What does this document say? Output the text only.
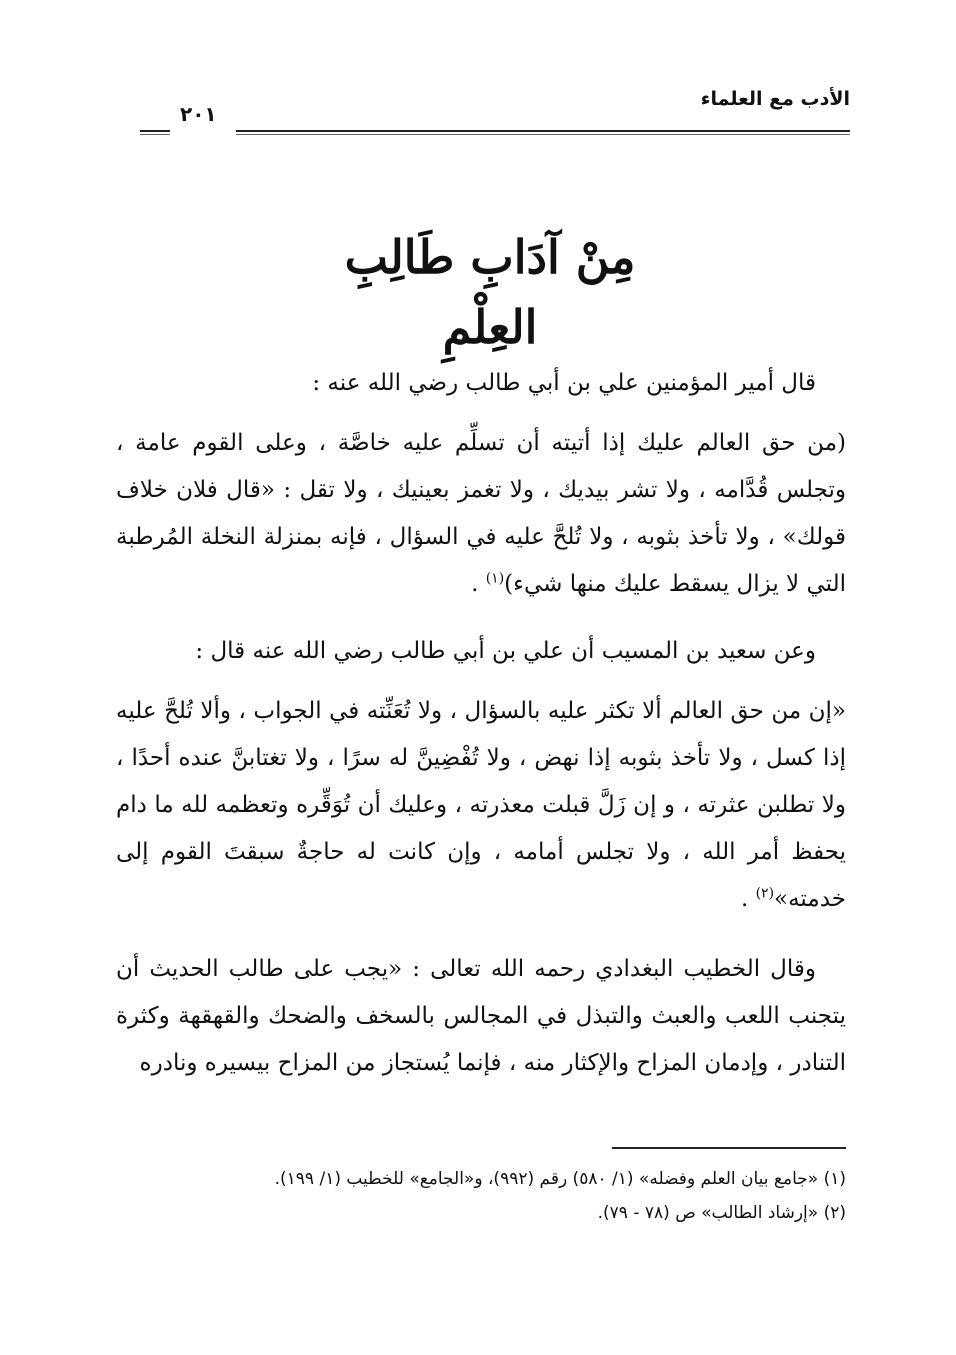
الأدب مع العلماء
٢٠١
مِنْ آدَابِ طَالِبِ العِلْمِ

قال أمير المؤمنين علي بن أبي طالب رضي الله عنه :

(من حق العالم عليك إذا أتيته أن تسلِّم عليه خاصَّة ، وعلى القوم عامة ، وتجلس قُدَّامه ، ولا تشر بيديك ، ولا تغمز بعينيك ، ولا تقل : «قال فلان خلاف قولك» ، ولا تأخذ بثوبه ، ولا تُلحَّ عليه في السؤال ، فإنه بمنزلة النخلة المُرطبة التي لا يزال يسقط عليك منها شيء)$^{(١)}$ .

وعن سعيد بن المسيب أن علي بن أبي طالب رضي الله عنه قال :

«إن من حق العالم ألا تكثر عليه بالسؤال ، ولا تُعَنِّته في الجواب ، وألا تُلحَّ عليه إذا كسل ، ولا تأخذ بثوبه إذا نهض ، ولا تُفْضِينَّ له سرًا ، ولا تغتابنَّ عنده أحدًا ، ولا تطلبن عثرته ، و إن زَلَّ قبلت معذرته ، وعليك أن تُوَقِّره وتعظمه لله ما دام يحفظ أمر الله ، ولا تجلس أمامه ، وإن كانت له حاجةٌ سبقتَ القوم إلى خدمته»$^{(٢)}$ .

وقال الخطيب البغدادي رحمه الله تعالى : «يجب على طالب الحديث أن يتجنب اللعب والعبث والتبذل في المجالس بالسخف والضحك والقهقهة وكثرة التنادر ، وإدمان المزاح والإكثار منه ، فإنما يُستجاز من المزاح بيسيره ونادره

(١) «جامع بيان العلم وفضله» (١/ ٥٨٠) رقم (٩٩٢)، و«الجامع» للخطيب (١/ ١٩٩).
(٢) «إرشاد الطالب» ص (٧٨ - ٧٩).
